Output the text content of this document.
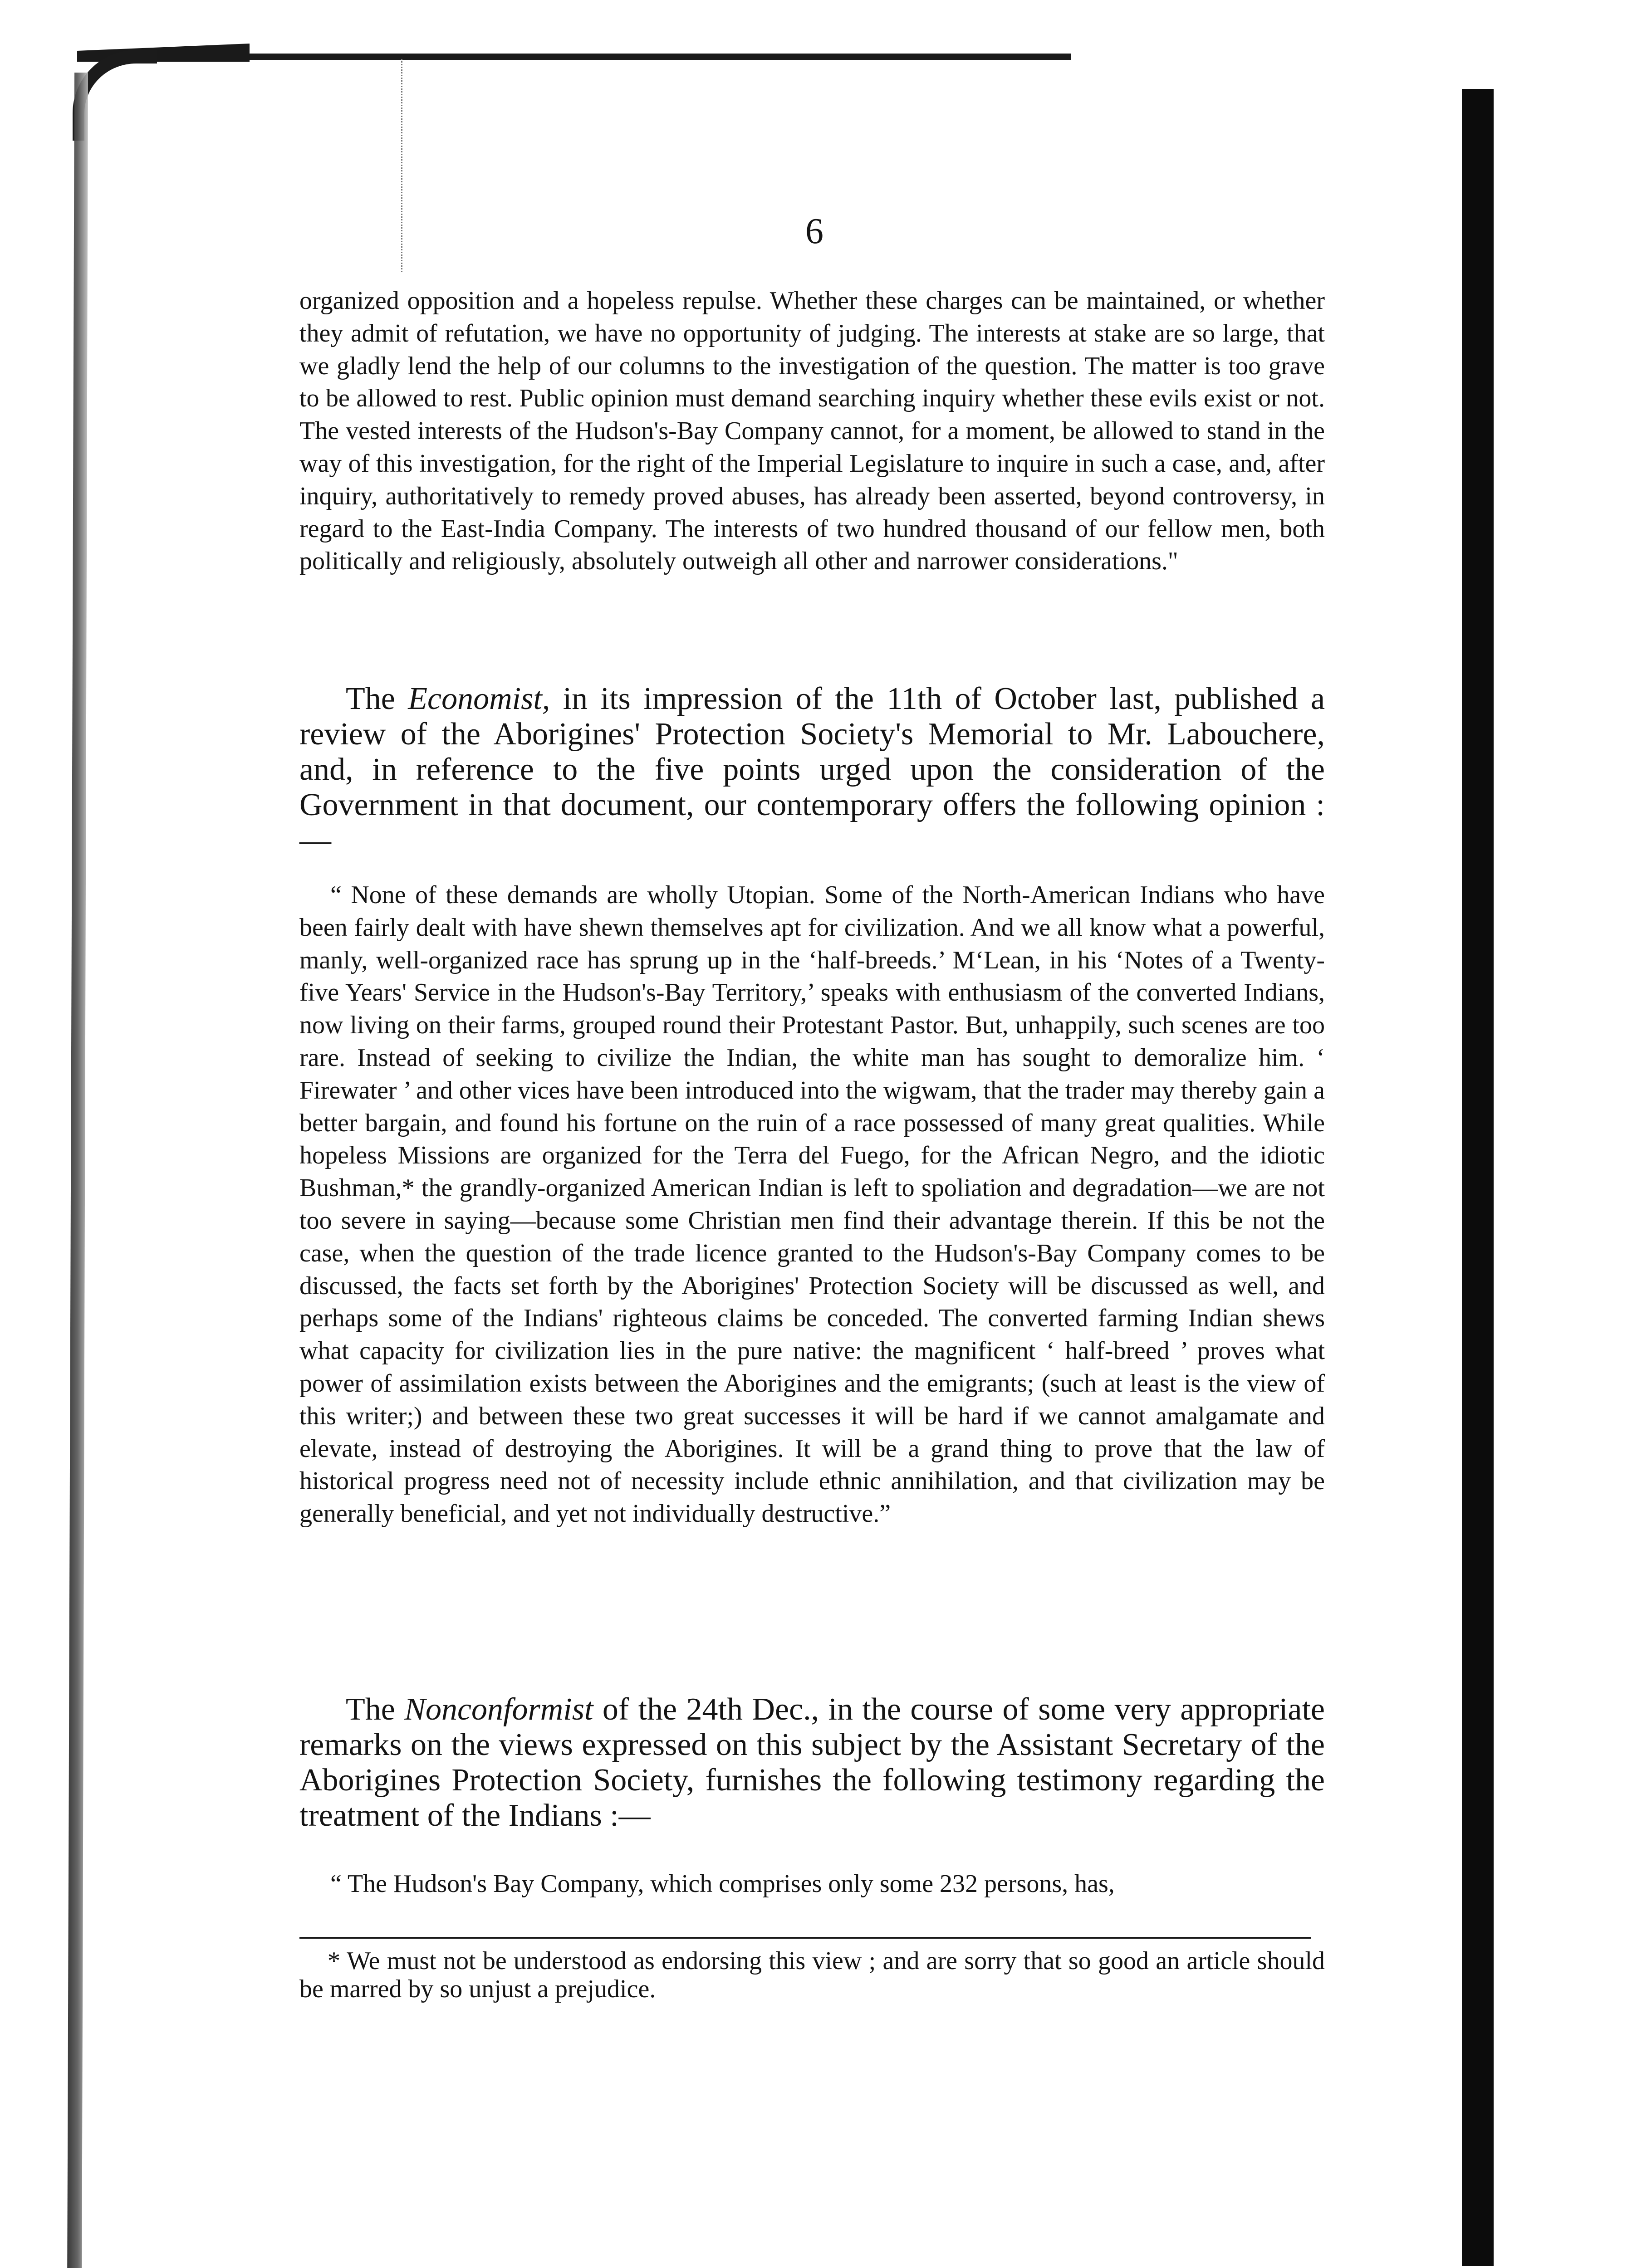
6

organized opposition and a hopeless repulse. Whether these charges can be maintained, or whether they admit of refutation, we have no opportunity of judging. The interests at stake are so large, that we gladly lend the help of our columns to the investigation of the question. The matter is too grave to be allowed to rest. Public opinion must demand searching inquiry whether these evils exist or not. The vested interests of the Hudson's-Bay Company cannot, for a moment, be allowed to stand in the way of this investigation, for the right of the Imperial Legislature to inquire in such a case, and, after inquiry, authoritatively to remedy proved abuses, has already been asserted, beyond controversy, in regard to the East-India Company. The interests of two hundred thousand of our fellow men, both politically and religiously, absolutely outweigh all other and narrower considerations."

The Economist, in its impression of the 11th of October last, published a review of the Aborigines' Protection Society's Memorial to Mr. Labouchere, and, in reference to the five points urged upon the consideration of the Government in that document, our contemporary offers the following opinion :—

“ None of these demands are wholly Utopian. Some of the North-American Indians who have been fairly dealt with have shewn themselves apt for civilization. And we all know what a powerful, manly, well-organized race has sprung up in the ‘half-breeds.’ M‘Lean, in his ‘Notes of a Twenty-five Years' Service in the Hudson's-Bay Territory,’ speaks with enthusiasm of the converted Indians, now living on their farms, grouped round their Protestant Pastor. But, unhappily, such scenes are too rare. Instead of seeking to civilize the Indian, the white man has sought to demoralize him. ‘ Firewater ’ and other vices have been introduced into the wigwam, that the trader may thereby gain a better bargain, and found his fortune on the ruin of a race possessed of many great qualities. While hopeless Missions are organized for the Terra del Fuego, for the African Negro, and the idiotic Bushman,* the grandly-organized American Indian is left to spoliation and degradation—we are not too severe in saying—because some Christian men find their advantage therein. If this be not the case, when the question of the trade licence granted to the Hudson's-Bay Company comes to be discussed, the facts set forth by the Aborigines' Protection Society will be discussed as well, and perhaps some of the Indians' righteous claims be conceded. The converted farming Indian shews what capacity for civilization lies in the pure native: the magnificent ‘ half-breed ’ proves what power of assimilation exists between the Aborigines and the emigrants; (such at least is the view of this writer;) and between these two great successes it will be hard if we cannot amalgamate and elevate, instead of destroying the Aborigines. It will be a grand thing to prove that the law of historical progress need not of necessity include ethnic annihilation, and that civilization may be generally beneficial, and yet not individually destructive.”

The Nonconformist of the 24th Dec., in the course of some very appropriate remarks on the views expressed on this subject by the Assistant Secretary of the Aborigines Protection Society, furnishes the following testimony regarding the treatment of the Indians :—

“ The Hudson's Bay Company, which comprises only some 232 persons, has,

* We must not be understood as endorsing this view ; and are sorry that so good an article should be marred by so unjust a prejudice.
